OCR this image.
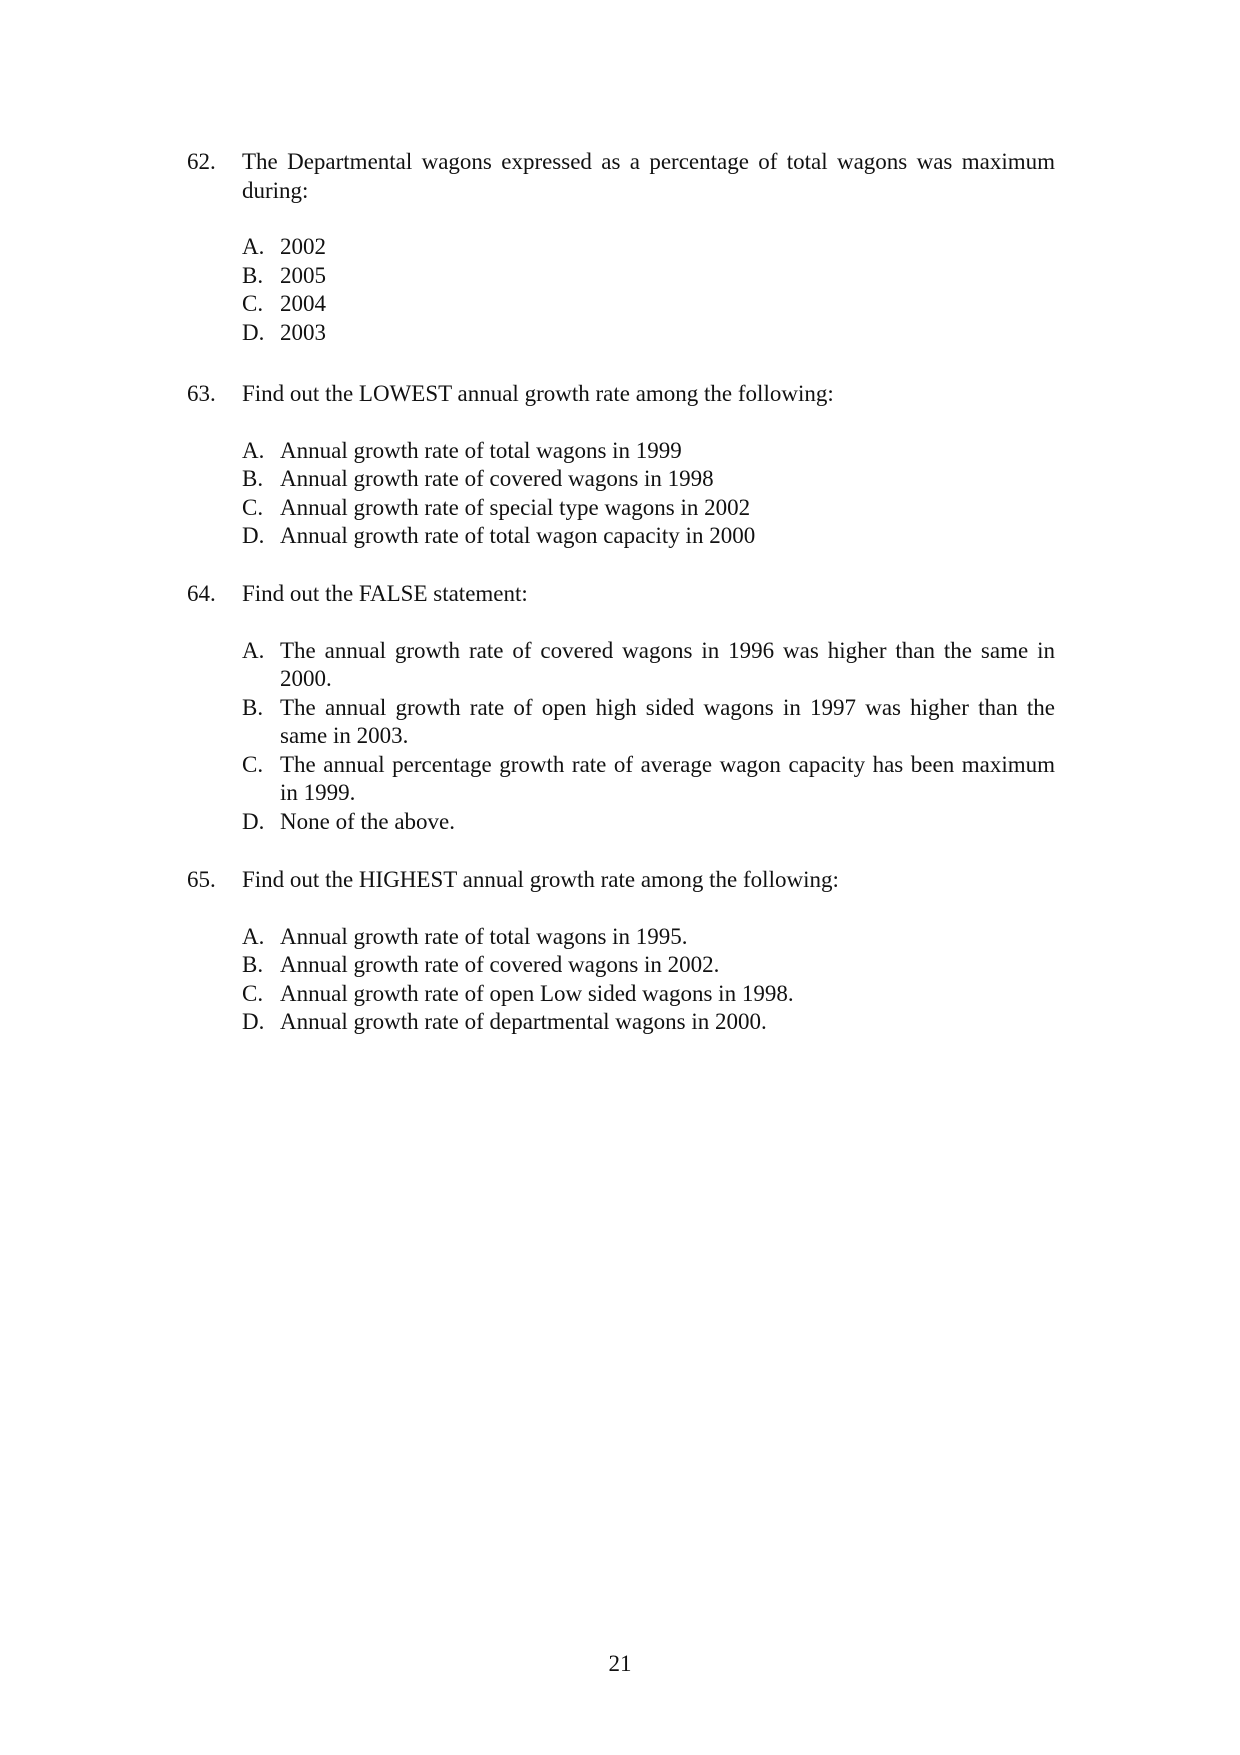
62. The Departmental wagons expressed as a percentage of total wagons was maximum during:
A. 2002
B. 2005
C. 2004
D. 2003
63. Find out the LOWEST annual growth rate among the following:
A. Annual growth rate of total wagons in 1999
B. Annual growth rate of covered wagons in 1998
C. Annual growth rate of special type wagons in 2002
D. Annual growth rate of total wagon capacity in 2000
64. Find out the FALSE statement:
A. The annual growth rate of covered wagons in 1996 was higher than the same in 2000.
B. The annual growth rate of open high sided wagons in 1997 was higher than the same in 2003.
C. The annual percentage growth rate of average wagon capacity has been maximum in 1999.
D. None of the above.
65. Find out the HIGHEST annual growth rate among the following:
A. Annual growth rate of total wagons in 1995.
B. Annual growth rate of covered wagons in 2002.
C. Annual growth rate of open Low sided wagons in 1998.
D. Annual growth rate of departmental wagons in 2000.
21
